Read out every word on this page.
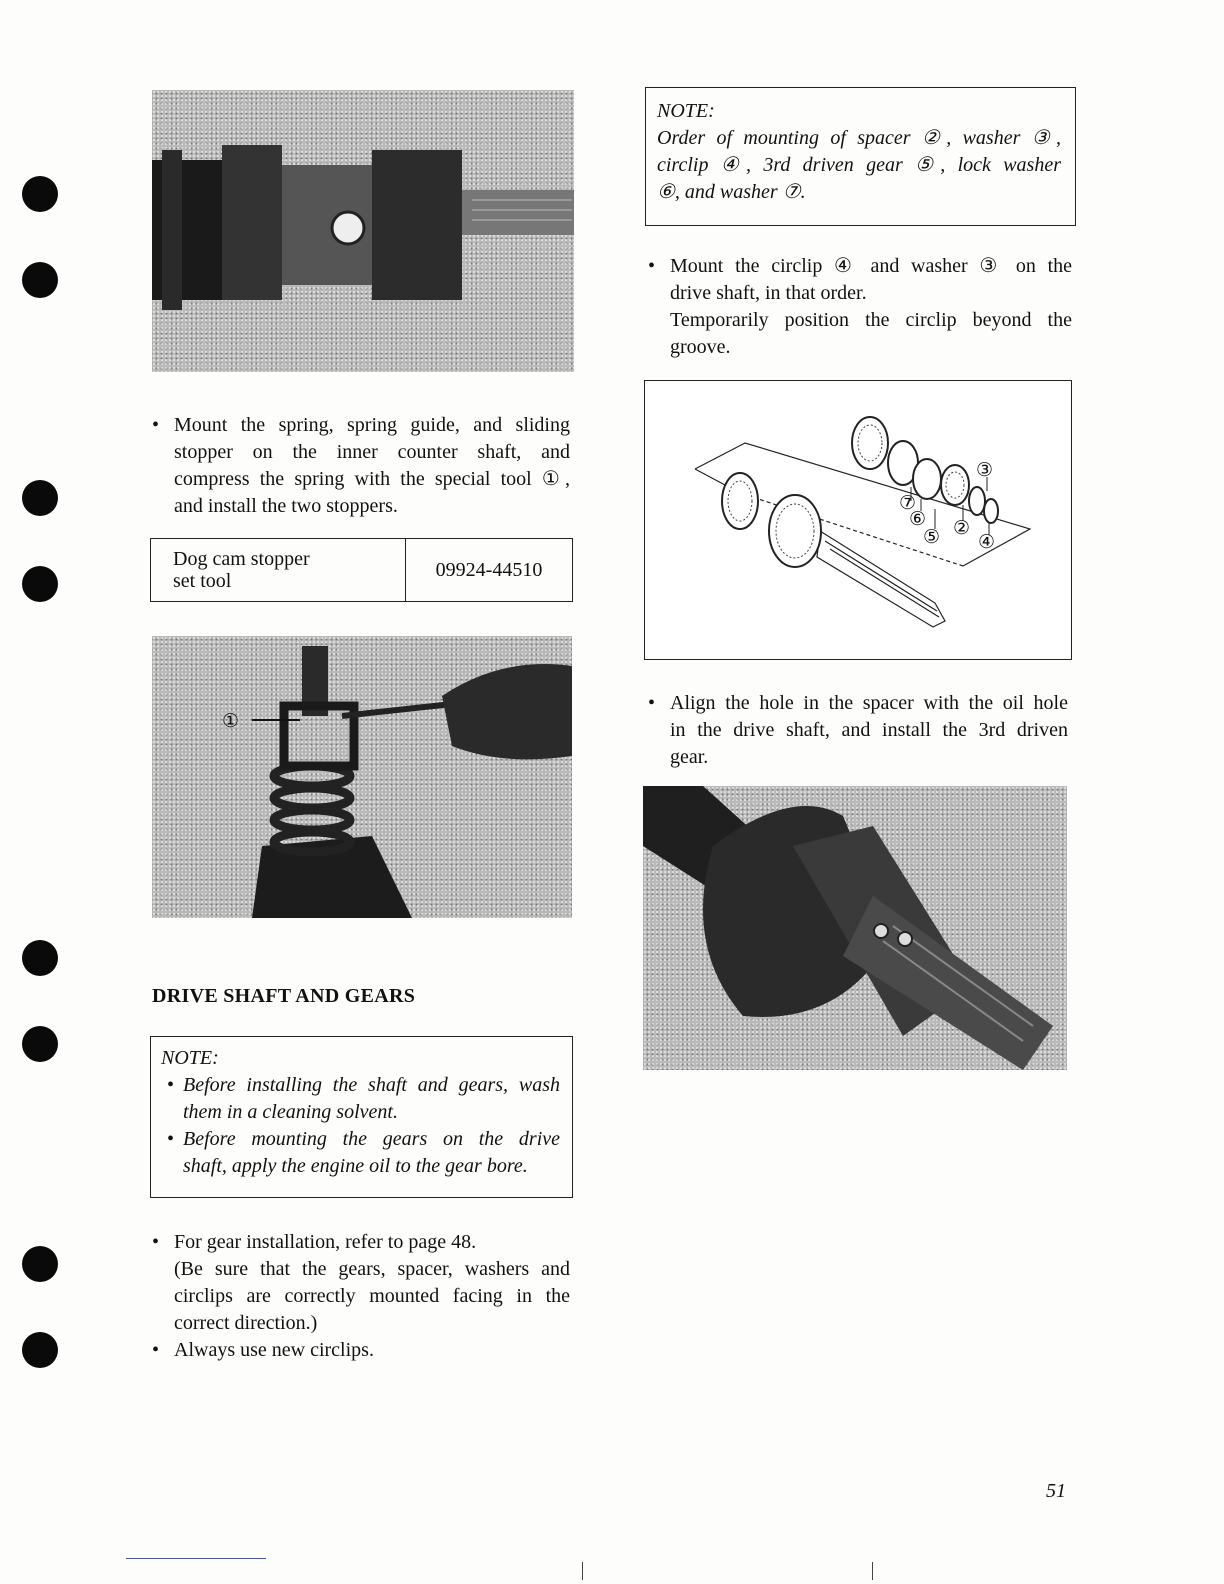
• Mount the spring, spring guide, and sliding
stopper on the inner counter shaft, and
compress the spring with the special tool ①,
and install the two stoppers.
Dog cam stopper
set tool	09924-44510
①
DRIVE SHAFT AND GEARS
NOTE:
• Before installing the shaft and gears, wash
them in a cleaning solvent.
• Before mounting the gears on the drive
shaft, apply the engine oil to the gear bore.
• For gear installation, refer to page 48.
(Be sure that the gears, spacer, washers and
circlips are correctly mounted facing in the
correct direction.)
• Always use new circlips.
NOTE:
Order of mounting of spacer ②, washer ③,
circlip ④, 3rd driven gear ⑤, lock washer
⑥, and washer ⑦.
• Mount the circlip ④ and washer ③ on the
drive shaft, in that order.
Temporarily position the circlip beyond the
groove.
③
⑦
⑥ ②
⑤ ④
• Align the hole in the spacer with the oil hole
in the drive shaft, and install the 3rd driven
gear.
51
